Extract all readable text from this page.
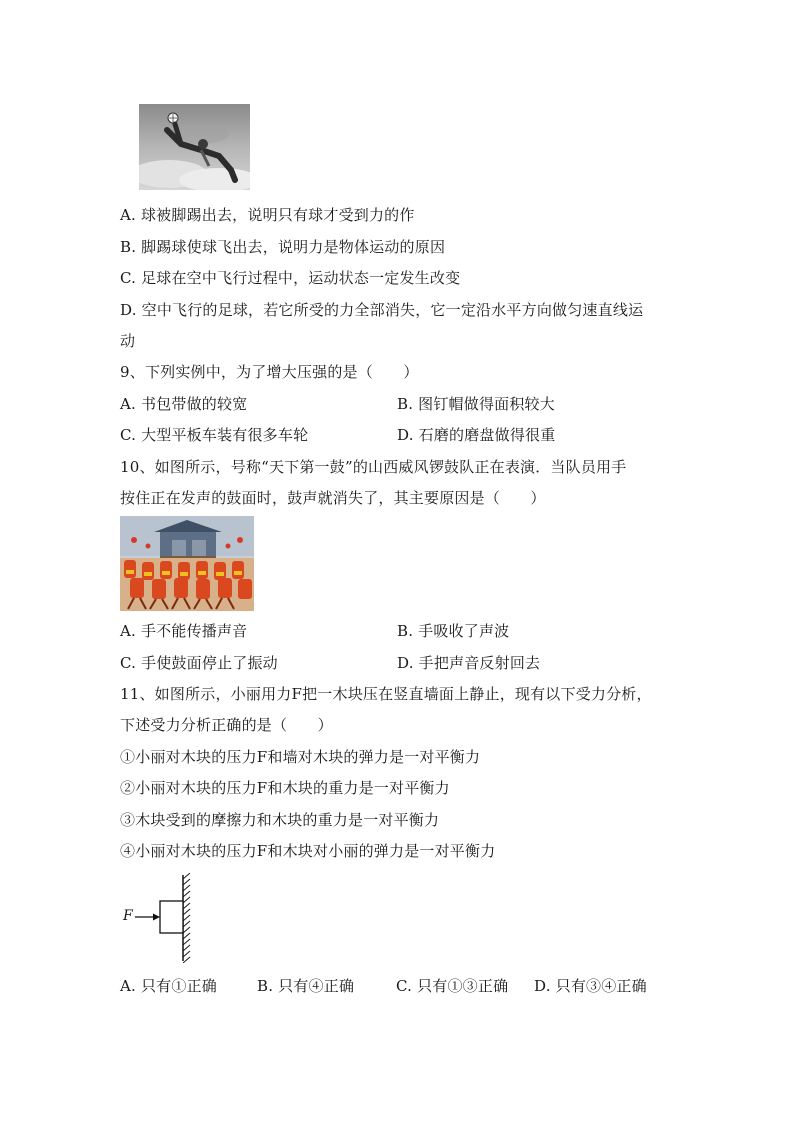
A. 球被脚踢出去，说明只有球才受到力的作
B. 脚踢球使球飞出去，说明力是物体运动的原因
C. 足球在空中飞行过程中，运动状态一定发生改变
D. 空中飞行的足球，若它所受的力全部消失，它一定沿水平方向做匀速直线运
动
9、下列实例中，为了增大压强的是（　　）
A. 书包带做的较宽	B. 图钉帽做得面积较大
C. 大型平板车装有很多车轮	D. 石磨的磨盘做得很重
10、如图所示，号称“天下第一鼓”的山西威风锣鼓队正在表演．当队员用手
按住正在发声的鼓面时，鼓声就消失了，其主要原因是（　　）
A. 手不能传播声音	B. 手吸收了声波
C. 手使鼓面停止了振动	D. 手把声音反射回去
11、如图所示，小丽用力F把一木块压在竖直墙面上静止，现有以下受力分析，
下述受力分析正确的是（　　）
①小丽对木块的压力F和墙对木块的弹力是一对平衡力
②小丽对木块的压力F和木块的重力是一对平衡力
③木块受到的摩擦力和木块的重力是一对平衡力
④小丽对木块的压力F和木块对小丽的弹力是一对平衡力
F
A. 只有①正确	B. 只有④正确	C. 只有①③正确 D. 只有③④正确
